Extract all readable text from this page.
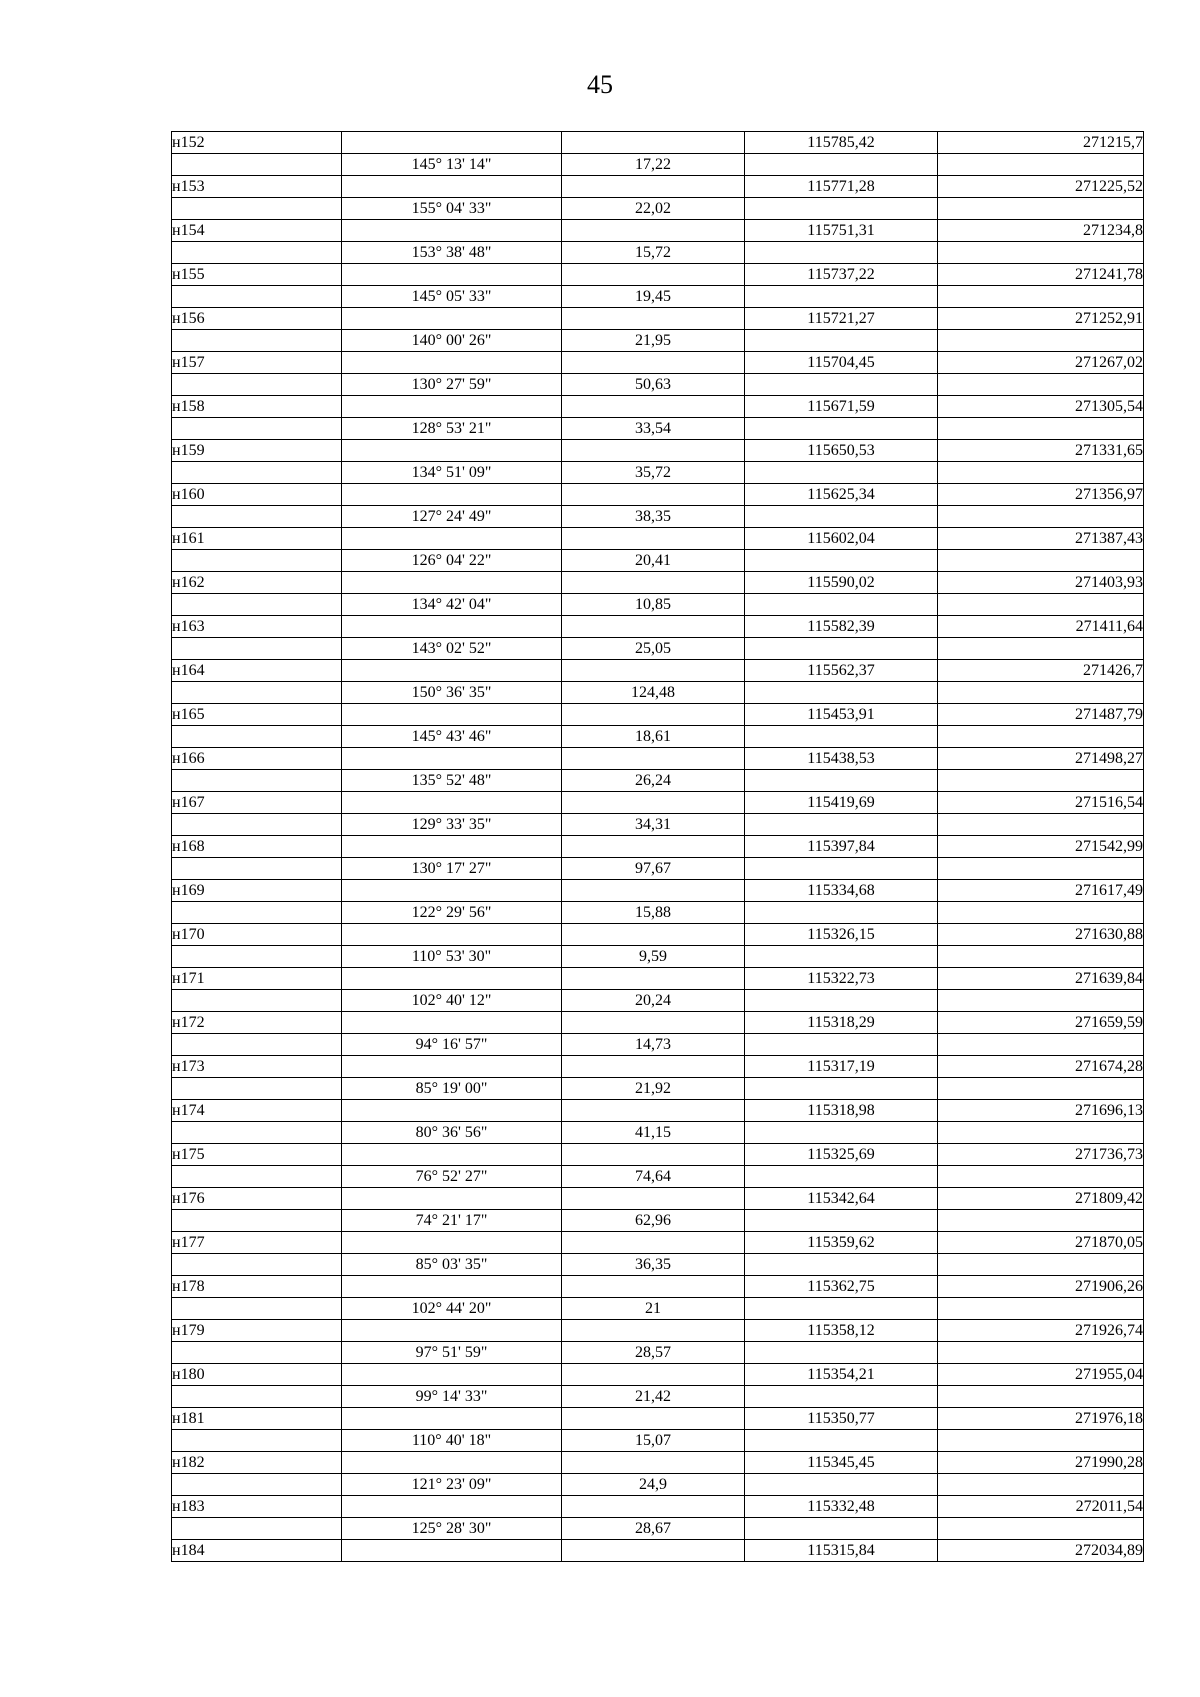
45
н152			115785,42	271215,7
	145° 13' 14"	17,22		
н153			115771,28	271225,52
	155° 04' 33"	22,02		
н154			115751,31	271234,8
	153° 38' 48"	15,72		
н155			115737,22	271241,78
	145° 05' 33"	19,45		
н156			115721,27	271252,91
	140° 00' 26"	21,95		
н157			115704,45	271267,02
	130° 27' 59"	50,63		
н158			115671,59	271305,54
	128° 53' 21"	33,54		
н159			115650,53	271331,65
	134° 51' 09"	35,72		
н160			115625,34	271356,97
	127° 24' 49"	38,35		
н161			115602,04	271387,43
	126° 04' 22"	20,41		
н162			115590,02	271403,93
	134° 42' 04"	10,85		
н163			115582,39	271411,64
	143° 02' 52"	25,05		
н164			115562,37	271426,7
	150° 36' 35"	124,48		
н165			115453,91	271487,79
	145° 43' 46"	18,61		
н166			115438,53	271498,27
	135° 52' 48"	26,24		
н167			115419,69	271516,54
	129° 33' 35"	34,31		
н168			115397,84	271542,99
	130° 17' 27"	97,67		
н169			115334,68	271617,49
	122° 29' 56"	15,88		
н170			115326,15	271630,88
	110° 53' 30"	9,59		
н171			115322,73	271639,84
	102° 40' 12"	20,24		
н172			115318,29	271659,59
	94° 16' 57"	14,73		
н173			115317,19	271674,28
	85° 19' 00"	21,92		
н174			115318,98	271696,13
	80° 36' 56"	41,15		
н175			115325,69	271736,73
	76° 52' 27"	74,64		
н176			115342,64	271809,42
	74° 21' 17"	62,96		
н177			115359,62	271870,05
	85° 03' 35"	36,35		
н178			115362,75	271906,26
	102° 44' 20"	21		
н179			115358,12	271926,74
	97° 51' 59"	28,57		
н180			115354,21	271955,04
	99° 14' 33"	21,42		
н181			115350,77	271976,18
	110° 40' 18"	15,07		
н182			115345,45	271990,28
	121° 23' 09"	24,9		
н183			115332,48	272011,54
	125° 28' 30"	28,67		
н184			115315,84	272034,89
